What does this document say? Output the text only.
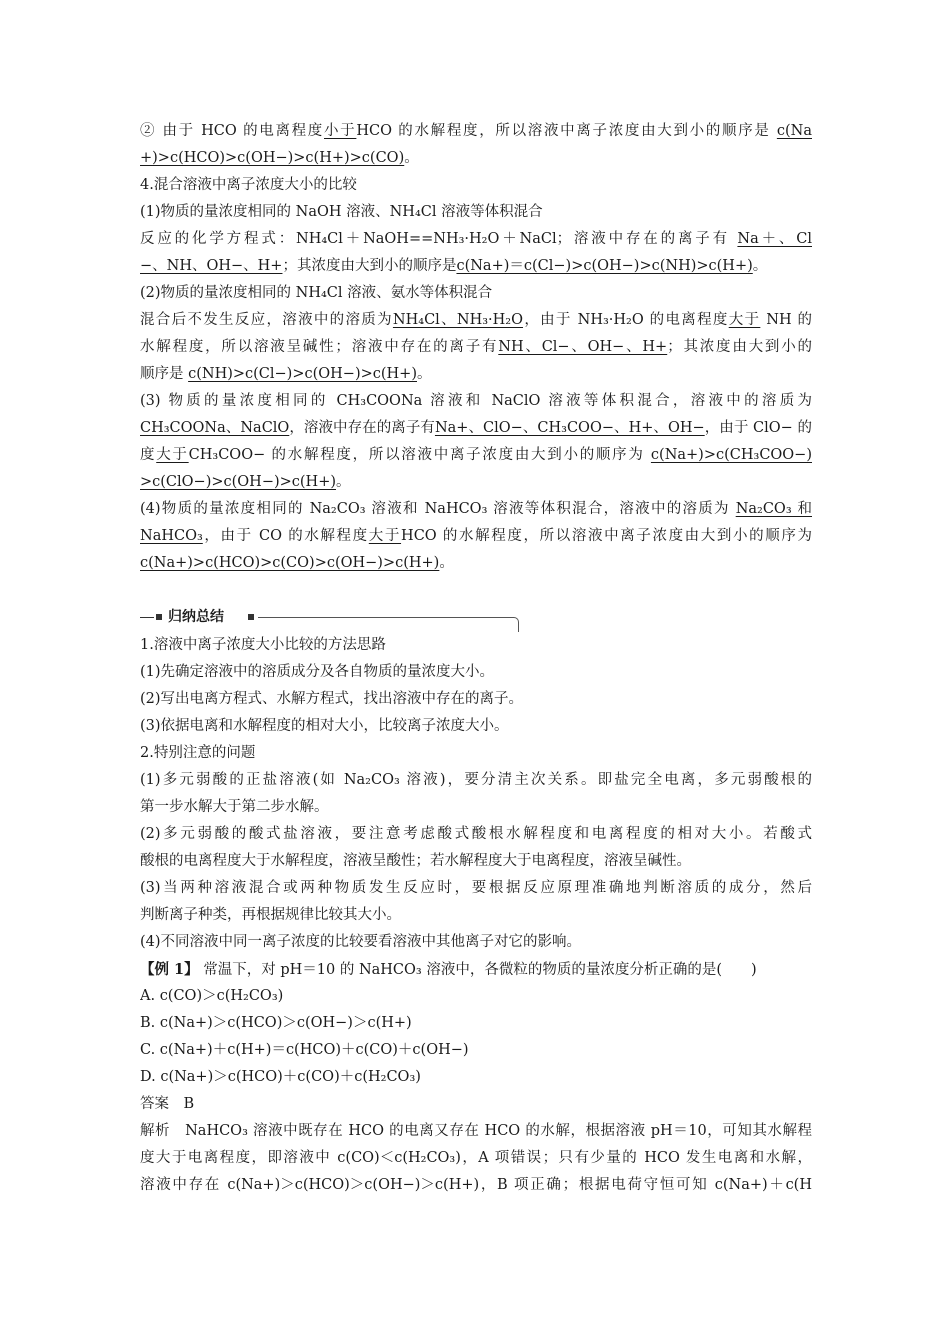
② 由于 HCO 的电离程度小于HCO 的水解程度，所以溶液中离子浓度由大到小的顺序是 c(Na
+)>c(HCO)>c(OH−)>c(H+)>c(CO)。
4.混合溶液中离子浓度大小的比较
(1)物质的量浓度相同的 NaOH 溶液、NH₄Cl 溶液等体积混合
反应的化学方程式：NH₄Cl＋NaOH==NH₃·H₂O＋NaCl；溶液中存在的离子有 Na＋、Cl
−、NH、OH−、H+；其浓度由大到小的顺序是c(Na+)＝c(Cl−)>c(OH−)>c(NH)>c(H+)。
(2)物质的量浓度相同的 NH₄Cl 溶液、氨水等体积混合
混合后不发生反应，溶液中的溶质为NH₄Cl、NH₃·H₂O，由于 NH₃·H₂O 的电离程度大于 NH 的
水解程度，所以溶液呈碱性；溶液中存在的离子有NH、Cl−、OH−、H+；其浓度由大到小的
顺序是 c(NH)>c(Cl−)>c(OH−)>c(H+)。
(3) 物质的量浓度相同的 CH₃COONa 溶液和 NaClO 溶液等体积混合，溶液中的溶质为
CH₃COONa、NaClO，溶液中存在的离子有Na+、ClO−、CH₃COO−、H+、OH−，由于 ClO− 的
度大于CH₃COO− 的水解程度，所以溶液中离子浓度由大到小的顺序为 c(Na+)>c(CH₃COO−)
>c(ClO−)>c(OH−)>c(H+)。
(4)物质的量浓度相同的 Na₂CO₃ 溶液和 NaHCO₃ 溶液等体积混合，溶液中的溶质为 Na₂CO₃ 和
NaHCO₃，由于 CO 的水解程度大于HCO 的水解程度，所以溶液中离子浓度由大到小的顺序为
c(Na+)>c(HCO)>c(CO)>c(OH−)>c(H+)。
归纳总结
1.溶液中离子浓度大小比较的方法思路
(1)先确定溶液中的溶质成分及各自物质的量浓度大小。
(2)写出电离方程式、水解方程式，找出溶液中存在的离子。
(3)依据电离和水解程度的相对大小，比较离子浓度大小。
2.特别注意的问题
(1)多元弱酸的正盐溶液(如 Na₂CO₃ 溶液)，要分清主次关系。即盐完全电离，多元弱酸根的
第一步水解大于第二步水解。
(2)多元弱酸的酸式盐溶液，要注意考虑酸式酸根水解程度和电离程度的相对大小。若酸式
酸根的电离程度大于水解程度，溶液呈酸性；若水解程度大于电离程度，溶液呈碱性。
(3)当两种溶液混合或两种物质发生反应时，要根据反应原理准确地判断溶质的成分，然后
判断离子种类，再根据规律比较其大小。
(4)不同溶液中同一离子浓度的比较要看溶液中其他离子对它的影响。
【例 1】 常温下，对 pH＝10 的 NaHCO₃ 溶液中，各微粒的物质的量浓度分析正确的是(　　)
A. c(CO)＞c(H₂CO₃)
B. c(Na+)＞c(HCO)＞c(OH−)＞c(H+)
C. c(Na+)＋c(H+)＝c(HCO)＋c(CO)＋c(OH−)
D. c(Na+)＞c(HCO)＋c(CO)＋c(H₂CO₃)
答案　B
解析　NaHCO₃ 溶液中既存在 HCO 的电离又存在 HCO 的水解，根据溶液 pH＝10，可知其水解程
度大于电离程度，即溶液中 c(CO)＜c(H₂CO₃)，A 项错误；只有少量的 HCO 发生电离和水解，
溶液中存在 c(Na+)＞c(HCO)＞c(OH−)＞c(H+)，B 项正确；根据电荷守恒可知 c(Na+)＋c(H
